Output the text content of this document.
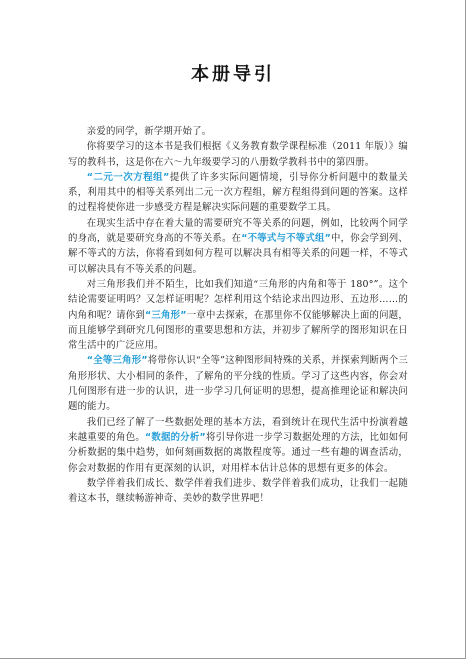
本册导引

亲爱的同学，新学期开始了。

你将要学习的这本书是我们根据《义务教育数学课程标准（2011 年版）》编写的教科书，这是你在六～九年级要学习的八册数学教科书中的第四册。

“二元一次方程组”提供了许多实际问题情境，引导你分析问题中的数量关系，利用其中的相等关系列出二元一次方程组，解方程组得到问题的答案。这样的过程将使你进一步感受方程是解决实际问题的重要数学工具。

在现实生活中存在着大量的需要研究不等关系的问题，例如，比较两个同学的身高，就是要研究身高的不等关系。在“不等式与不等式组”中，你会学到列、解不等式的方法，你将看到如何方程可以解决具有相等关系的问题一样，不等式可以解决具有不等关系的问题。

对三角形我们并不陌生，比如我们知道“三角形的内角和等于 180°”。这个结论需要证明吗？又怎样证明呢？怎样利用这个结论求出四边形、五边形……的内角和呢？请你到“三角形”一章中去探索，在那里你不仅能够解决上面的问题，而且能够学到研究几何图形的重要思想和方法，并初步了解所学的图形知识在日常生活中的广泛应用。

“全等三角形”将带你认识“全等”这种图形间特殊的关系，并探索判断两个三角形形状、大小相同的条件，了解角的平分线的性质。学习了这些内容，你会对几何图形有进一步的认识，进一步学习几何证明的思想，提高推理论证和解决问题的能力。

我们已经了解了一些数据处理的基本方法，看到统计在现代生活中扮演着越来越重要的角色。“数据的分析”将引导你进一步学习数据处理的方法，比如如何分析数据的集中趋势，如何刻画数据的离散程度等。通过一些有趣的调查活动，你会对数据的作用有更深刻的认识，对用样本估计总体的思想有更多的体会。

数学伴着我们成长、数学伴着我们进步、数学伴着我们成功，让我们一起随着这本书，继续畅游神奇、美妙的数学世界吧！
